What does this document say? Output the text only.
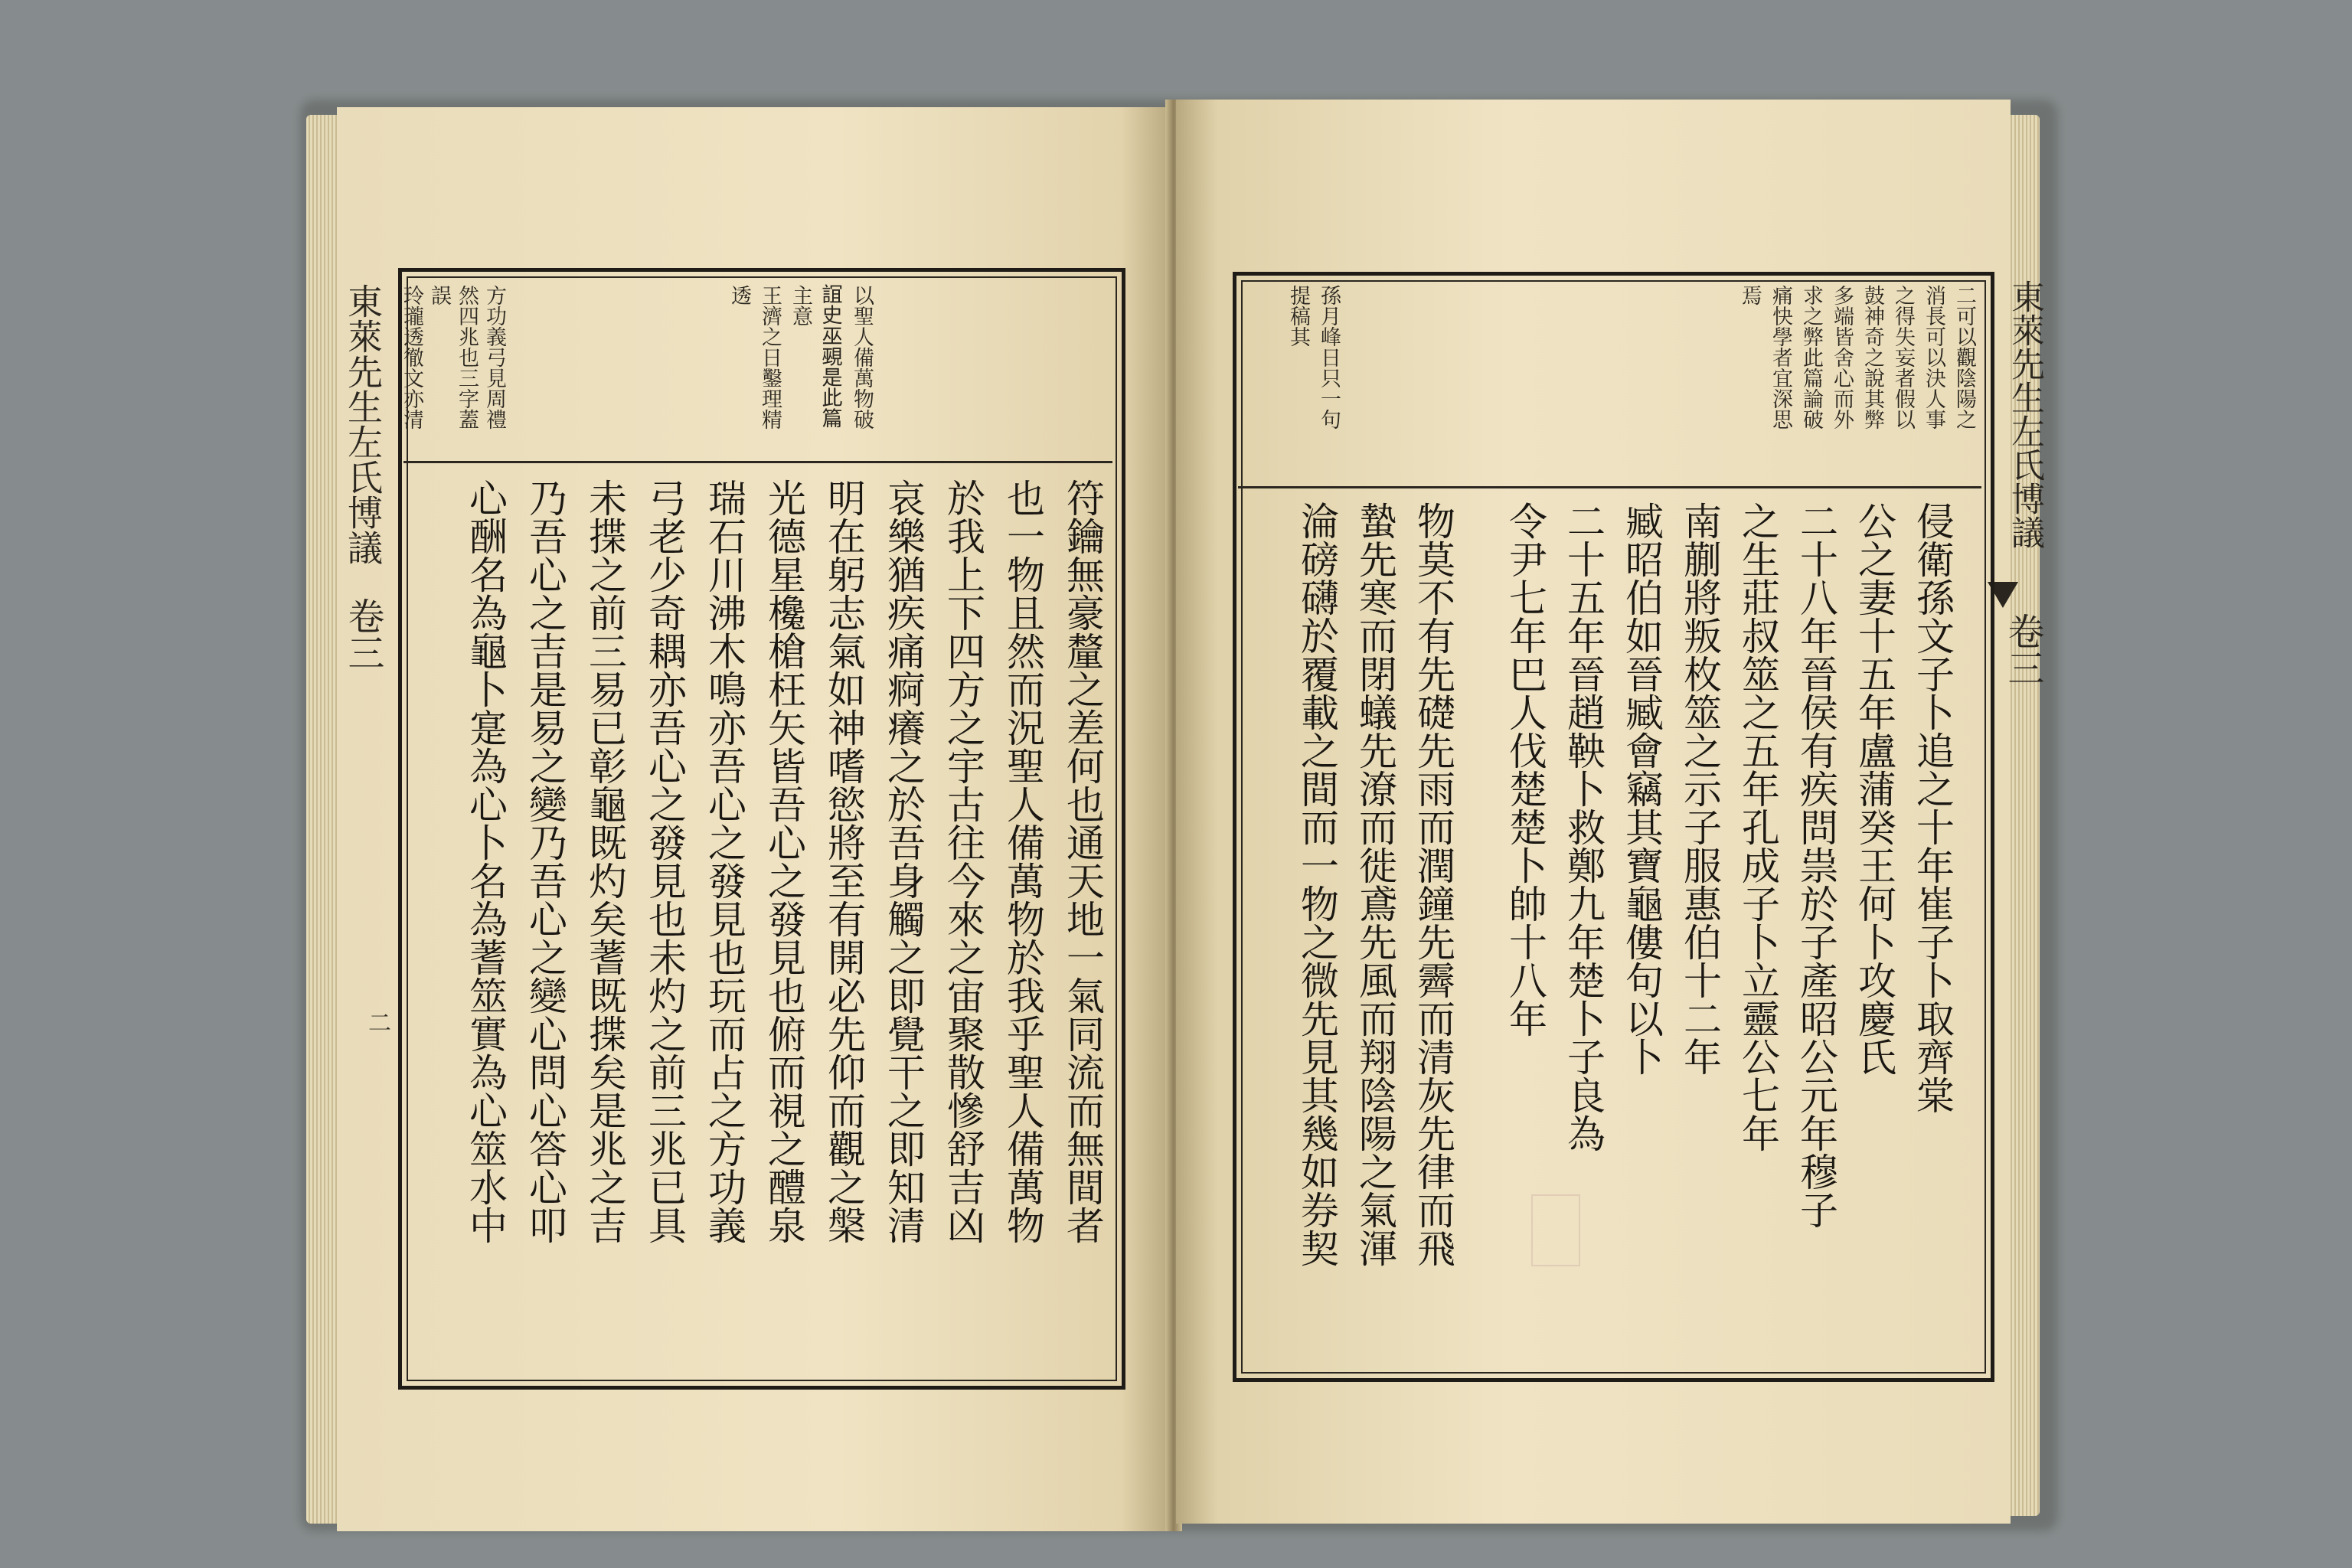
東萊先生左氏博議
卷三
二
以聖人備萬物破
𧨏史巫覡是此篇
主意
王濟之日鑿理精
透
方功義弓見周禮
然四兆也三字蓋
誤
玲瓏透徹文亦清
符鑰無豪釐之差何也通天地一氣同流而無間者
也一物且然而況聖人備萬物於我乎聖人備萬物
於我上下四方之宇古往今來之宙聚散慘舒吉凶
哀樂猶疾痛痾癢之於吾身觸之即覺干之即知清
明在躬志氣如神嗜慾將至有開必先仰而觀之槃
光德星欃槍枉矢皆吾心之發見也俯而視之醴泉
瑞石川沸木鳴亦吾心之發見也玩而占之方功義
弓老少奇耦亦吾心之發見也未灼之前三兆已具
未揲之前三易已彰龜既灼矣蓍既揲矣是兆之吉
乃吾心之吉是易之變乃吾心之變心問心答心叩
心酬名為龜卜寔為心卜名為蓍筮實為心筮水中
東萊先生左氏博議
卷三
二可以觀陰陽之
消長可以決人事
之得失妄者假以
鼓神奇之說其弊
多端皆舍心而外
求之弊此篇論破
痛快學者宜深思
焉
孫月峰日只一句
提稿其
侵衛孫文子卜追之十年崔子卜取齊棠
公之妻十五年盧蒲癸王何卜攻慶氏
二十八年晉侯有疾問祟於子產昭公元年穆子
之生莊叔筮之五年孔成子卜立靈公七年
南蒯將叛枚筮之示子服惠伯十二年
臧昭伯如晉臧會竊其寶龜僂句以卜
二十五年晉趙鞅卜救鄭九年楚卜子良為
令尹七年巴人伐楚楚卜帥十八年
物莫不有先礎先雨而潤鐘先霽而清灰先律而飛
蟄先寒而閉蟻先潦而徙鳶先風而翔陰陽之氣渾
淪磅礴於覆載之間而一物之微先見其幾如券契
